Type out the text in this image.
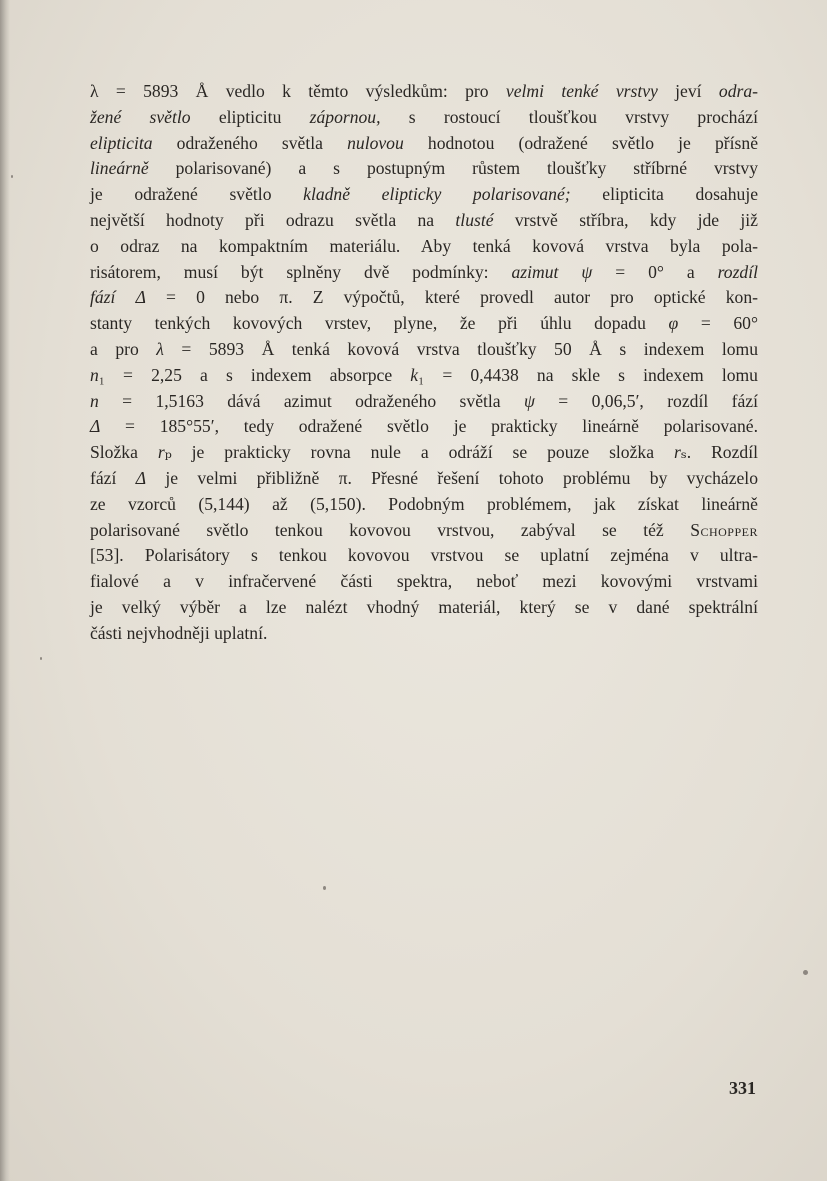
λ = 5893 Å vedlo k těmto výsledkům: pro velmi tenké vrstvy jeví odra-
žené světlo elipticitu zápornou, s rostoucí tloušťkou vrstvy prochází
elipticita odraženého světla nulovou hodnotou (odražené světlo je přísně
lineárně polarisované) a s postupným růstem tloušťky stříbrné vrstvy
je odražené světlo kladně elipticky polarisované; elipticita dosahuje
největší hodnoty při odrazu světla na tlusté vrstvě stříbra, kdy jde již
o odraz na kompaktním materiálu. Aby tenká kovová vrstva byla pola-
risátorem, musí být splněny dvě podmínky: azimut ψ = 0° a rozdíl
fází Δ = 0 nebo π. Z výpočtů, které provedl autor pro optické kon-
stanty tenkých kovových vrstev, plyne, že při úhlu dopadu φ = 60°
a pro λ = 5893 Å tenká kovová vrstva tloušťky 50 Å s indexem lomu
n₁ = 2,25 a s indexem absorpce k₁ = 0,4438 na skle s indexem lomu
n = 1,5163 dává azimut odraženého světla ψ = 0,06,5′, rozdíl fází
Δ = 185°55′, tedy odražené světlo je prakticky lineárně polarisované.
Složka rₚ je prakticky rovna nule a odráží se pouze složka rₛ. Rozdíl
fází Δ je velmi přibližně π. Přesné řešení tohoto problému by vycházelo
ze vzorců (5,144) až (5,150). Podobným problémem, jak získat lineárně
polarisované světlo tenkou kovovou vrstvou, zabýval se též Schopper
[53]. Polarisátory s tenkou kovovou vrstvou se uplatní zejména v ultra-
fialové a v infračervené části spektra, neboť mezi kovovými vrstvami
je velký výběr a lze nalézt vhodný materiál, který se v dané spektrální
části nejvhodněji uplatní.
331
